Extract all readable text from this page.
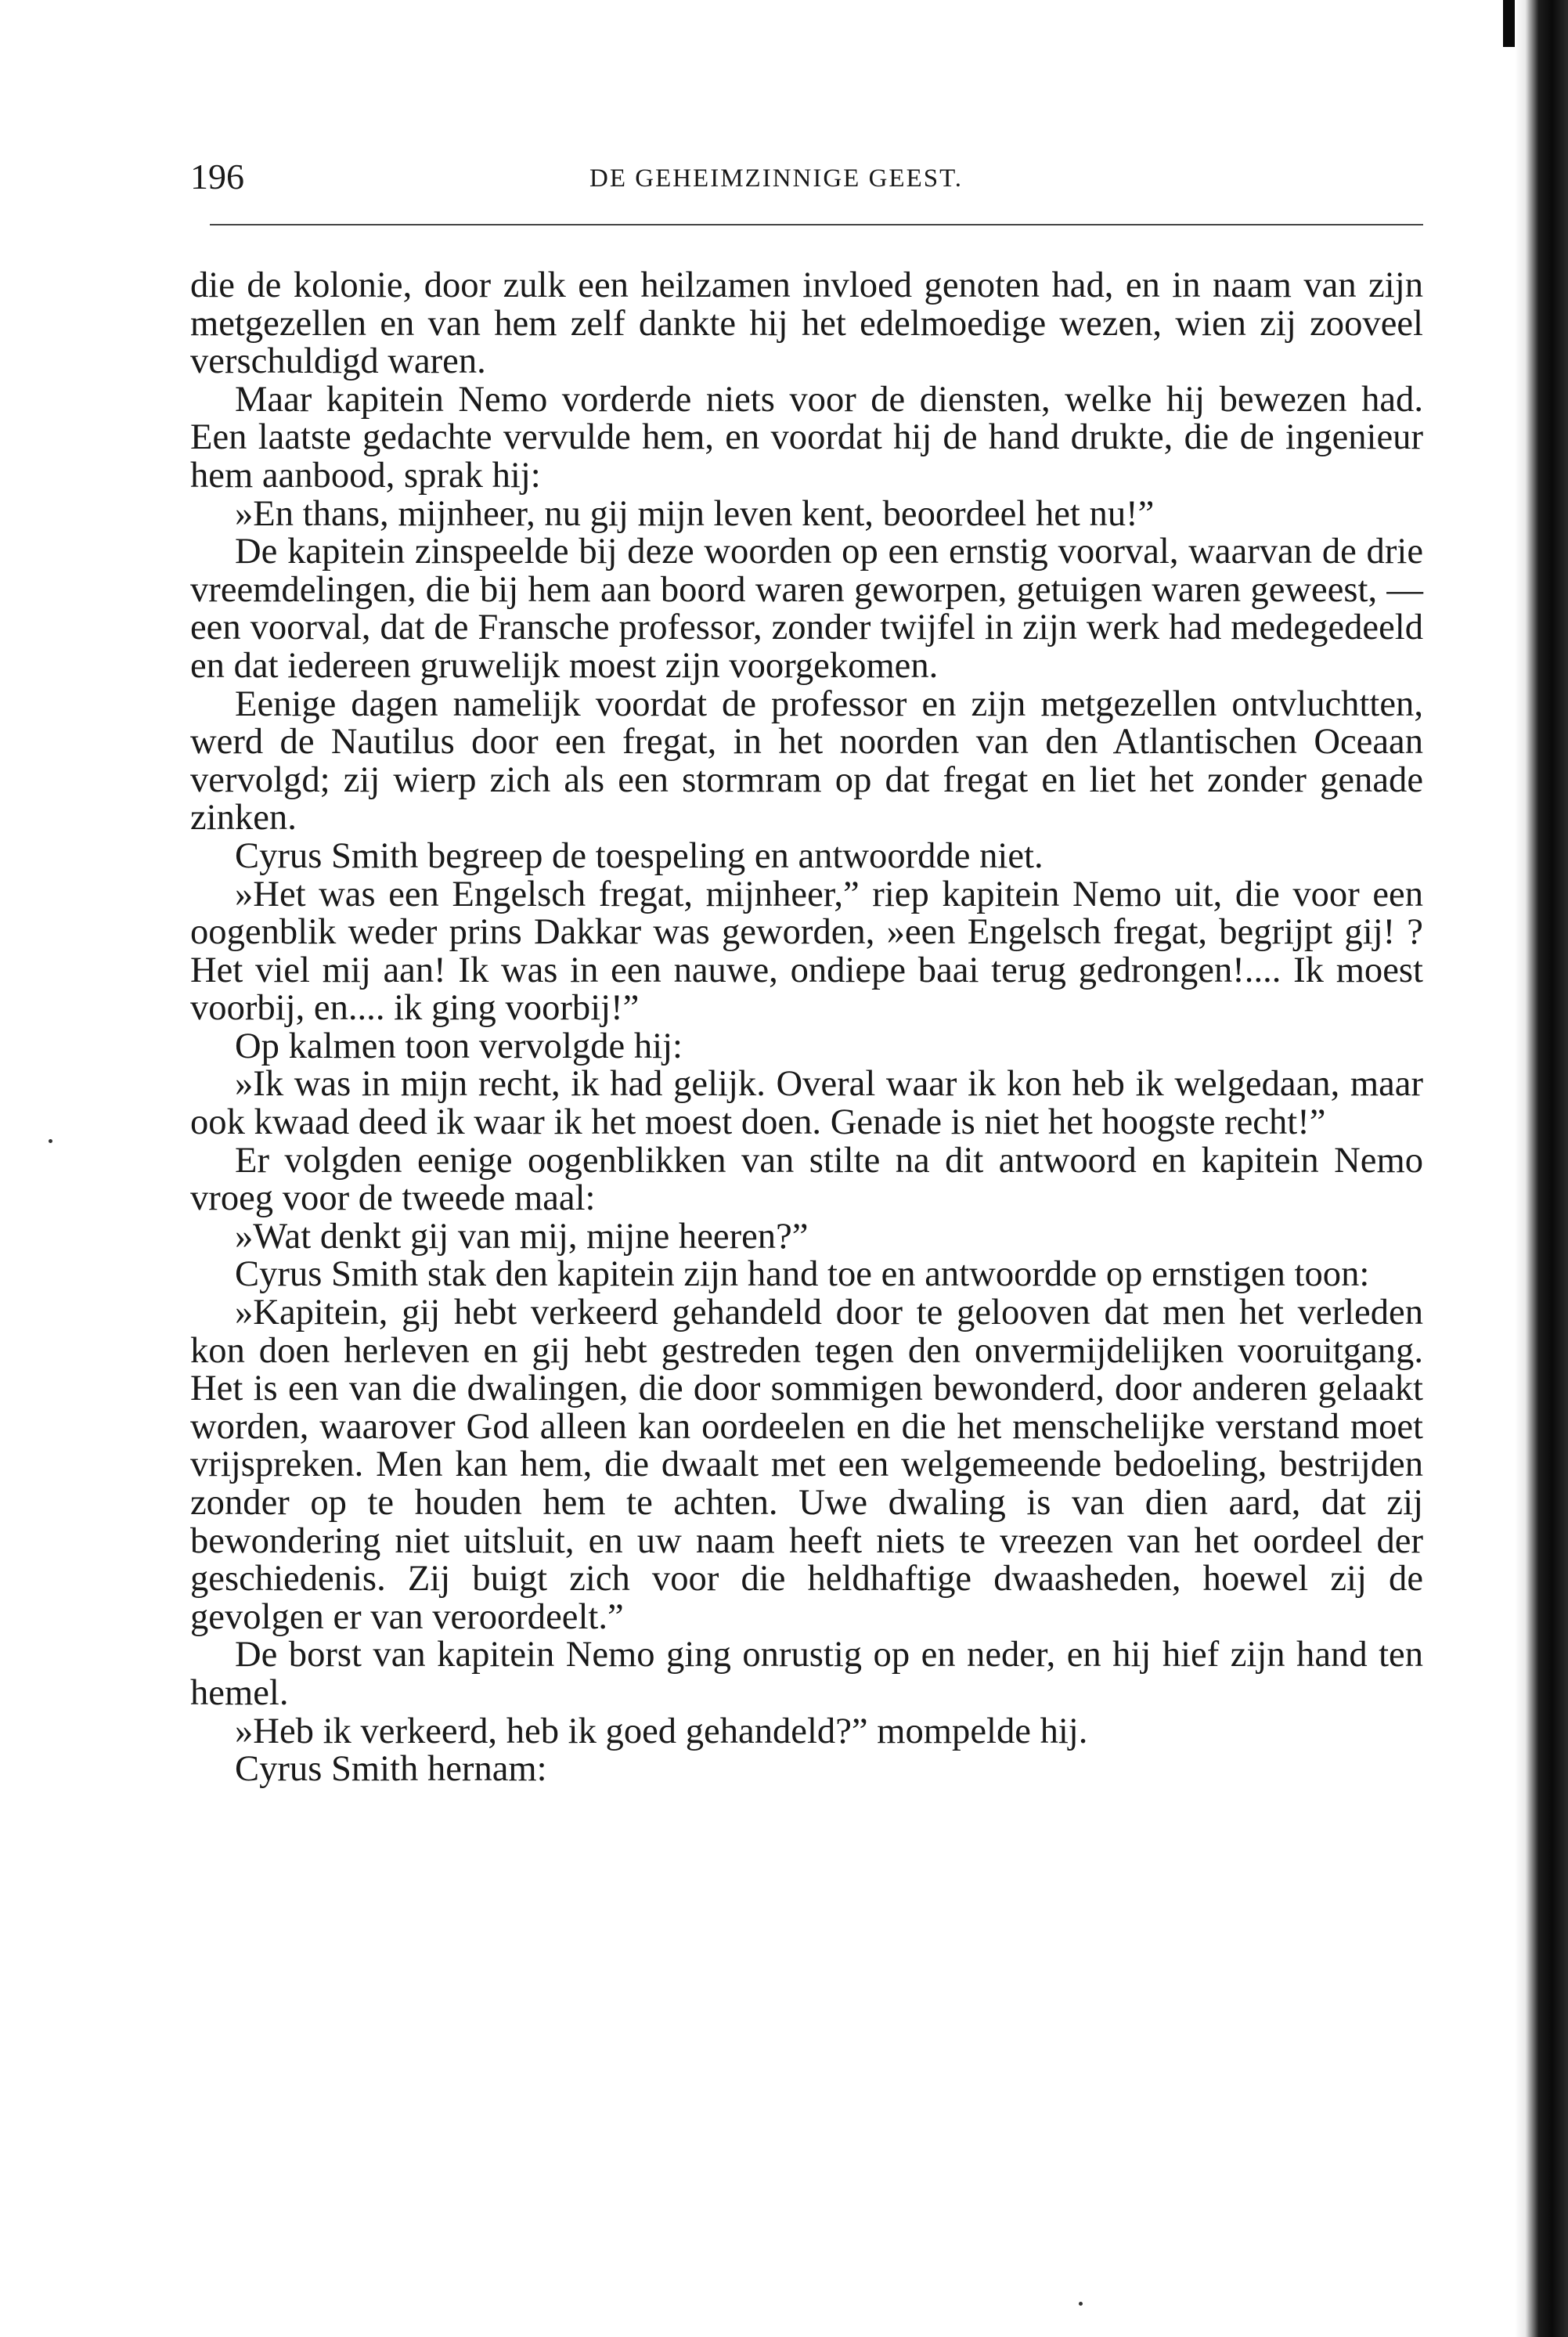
196	DE GEHEIMZINNIGE GEEST.

die de kolonie, door zulk een heilzamen invloed genoten had, en in naam van zijn metgezellen en van hem zelf dankte hij het edelmoedige wezen, wien zij zooveel verschuldigd waren.

Maar kapitein Nemo vorderde niets voor de diensten, welke hij bewezen had. Een laatste gedachte vervulde hem, en voordat hij de hand drukte, die de ingenieur hem aanbood, sprak hij:

»En thans, mijnheer, nu gij mijn leven kent, beoordeel het nu!”

De kapitein zinspeelde bij deze woorden op een ernstig voorval, waarvan de drie vreemdelingen, die bij hem aan boord waren geworpen, getuigen waren geweest, — een voorval, dat de Fransche professor, zonder twijfel in zijn werk had medegedeeld en dat iedereen gruwelijk moest zijn voorgekomen.

Eenige dagen namelijk voordat de professor en zijn metgezellen ontvluchtten, werd de Nautilus door een fregat, in het noorden van den Atlantischen Oceaan vervolgd; zij wierp zich als een stormram op dat fregat en liet het zonder genade zinken.

Cyrus Smith begreep de toespeling en antwoordde niet.

»Het was een Engelsch fregat, mijnheer,” riep kapitein Nemo uit, die voor een oogenblik weder prins Dakkar was geworden, »een Engelsch fregat, begrijpt gij! ? Het viel mij aan! Ik was in een nauwe, ondiepe baai terug gedrongen!.... Ik moest voorbij, en.... ik ging voorbij!”

Op kalmen toon vervolgde hij:

»Ik was in mijn recht, ik had gelijk. Overal waar ik kon heb ik welgedaan, maar ook kwaad deed ik waar ik het moest doen. Genade is niet het hoogste recht!”

Er volgden eenige oogenblikken van stilte na dit antwoord en kapitein Nemo vroeg voor de tweede maal:

»Wat denkt gij van mij, mijne heeren?”

Cyrus Smith stak den kapitein zijn hand toe en antwoordde op ernstigen toon:

»Kapitein, gij hebt verkeerd gehandeld door te gelooven dat men het verleden kon doen herleven en gij hebt gestreden tegen den onvermijdelijken vooruitgang. Het is een van die dwalingen, die door sommigen bewonderd, door anderen gelaakt worden, waarover God alleen kan oordeelen en die het menschelijke verstand moet vrijspreken. Men kan hem, die dwaalt met een welgemeende bedoeling, bestrijden zonder op te houden hem te achten. Uwe dwaling is van dien aard, dat zij bewondering niet uitsluit, en uw naam heeft niets te vreezen van het oordeel der geschiedenis. Zij buigt zich voor die heldhaftige dwaasheden, hoewel zij de gevolgen er van veroordeelt.”

De borst van kapitein Nemo ging onrustig op en neder, en hij hief zijn hand ten hemel.

»Heb ik verkeerd, heb ik goed gehandeld?” mompelde hij.

Cyrus Smith hernam:
